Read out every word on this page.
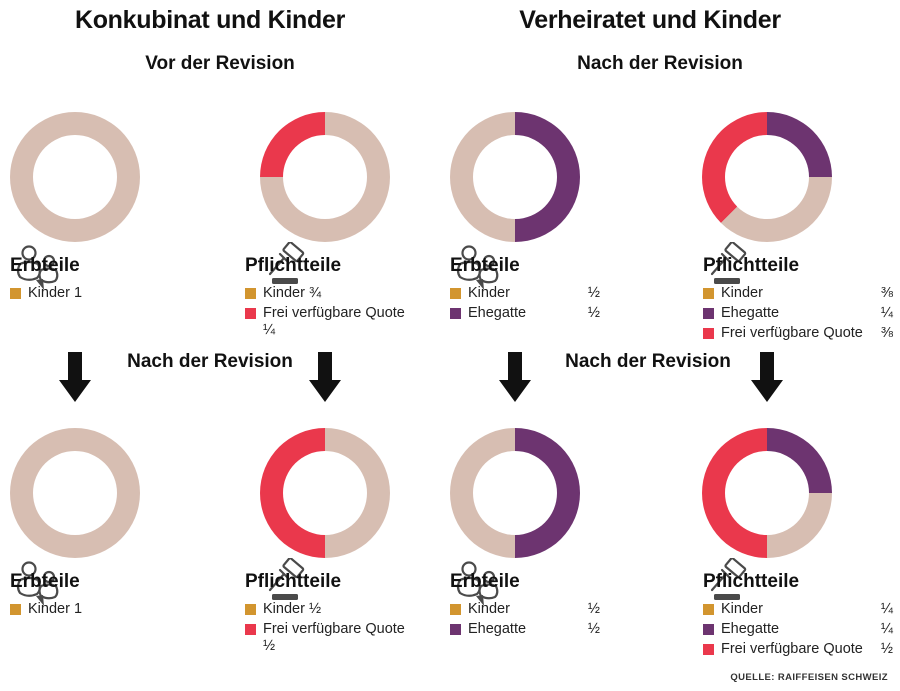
Konkubinat und Kinder	Verheiratet und Kinder
Vor der Revision	Nach der Revision
Erbteile
Kinder 1
Pflichtteile
Kinder ¾
Frei verfügbare Quote ¼
Erbteile
Kinder	½
Ehegatte	½
Pflichtteile
Kinder	⅜
Ehegatte	¼
Frei verfügbare Quote	⅜
Nach der Revision	Nach der Revision
Erbteile
Kinder 1
Pflichtteile
Kinder ½
Frei verfügbare Quote ½
Erbteile
Kinder	½
Ehegatte	½
Pflichtteile
Kinder	¼
Ehegatte	¼
Frei verfügbare Quote	½
QUELLE: RAIFFEISEN SCHWEIZ
